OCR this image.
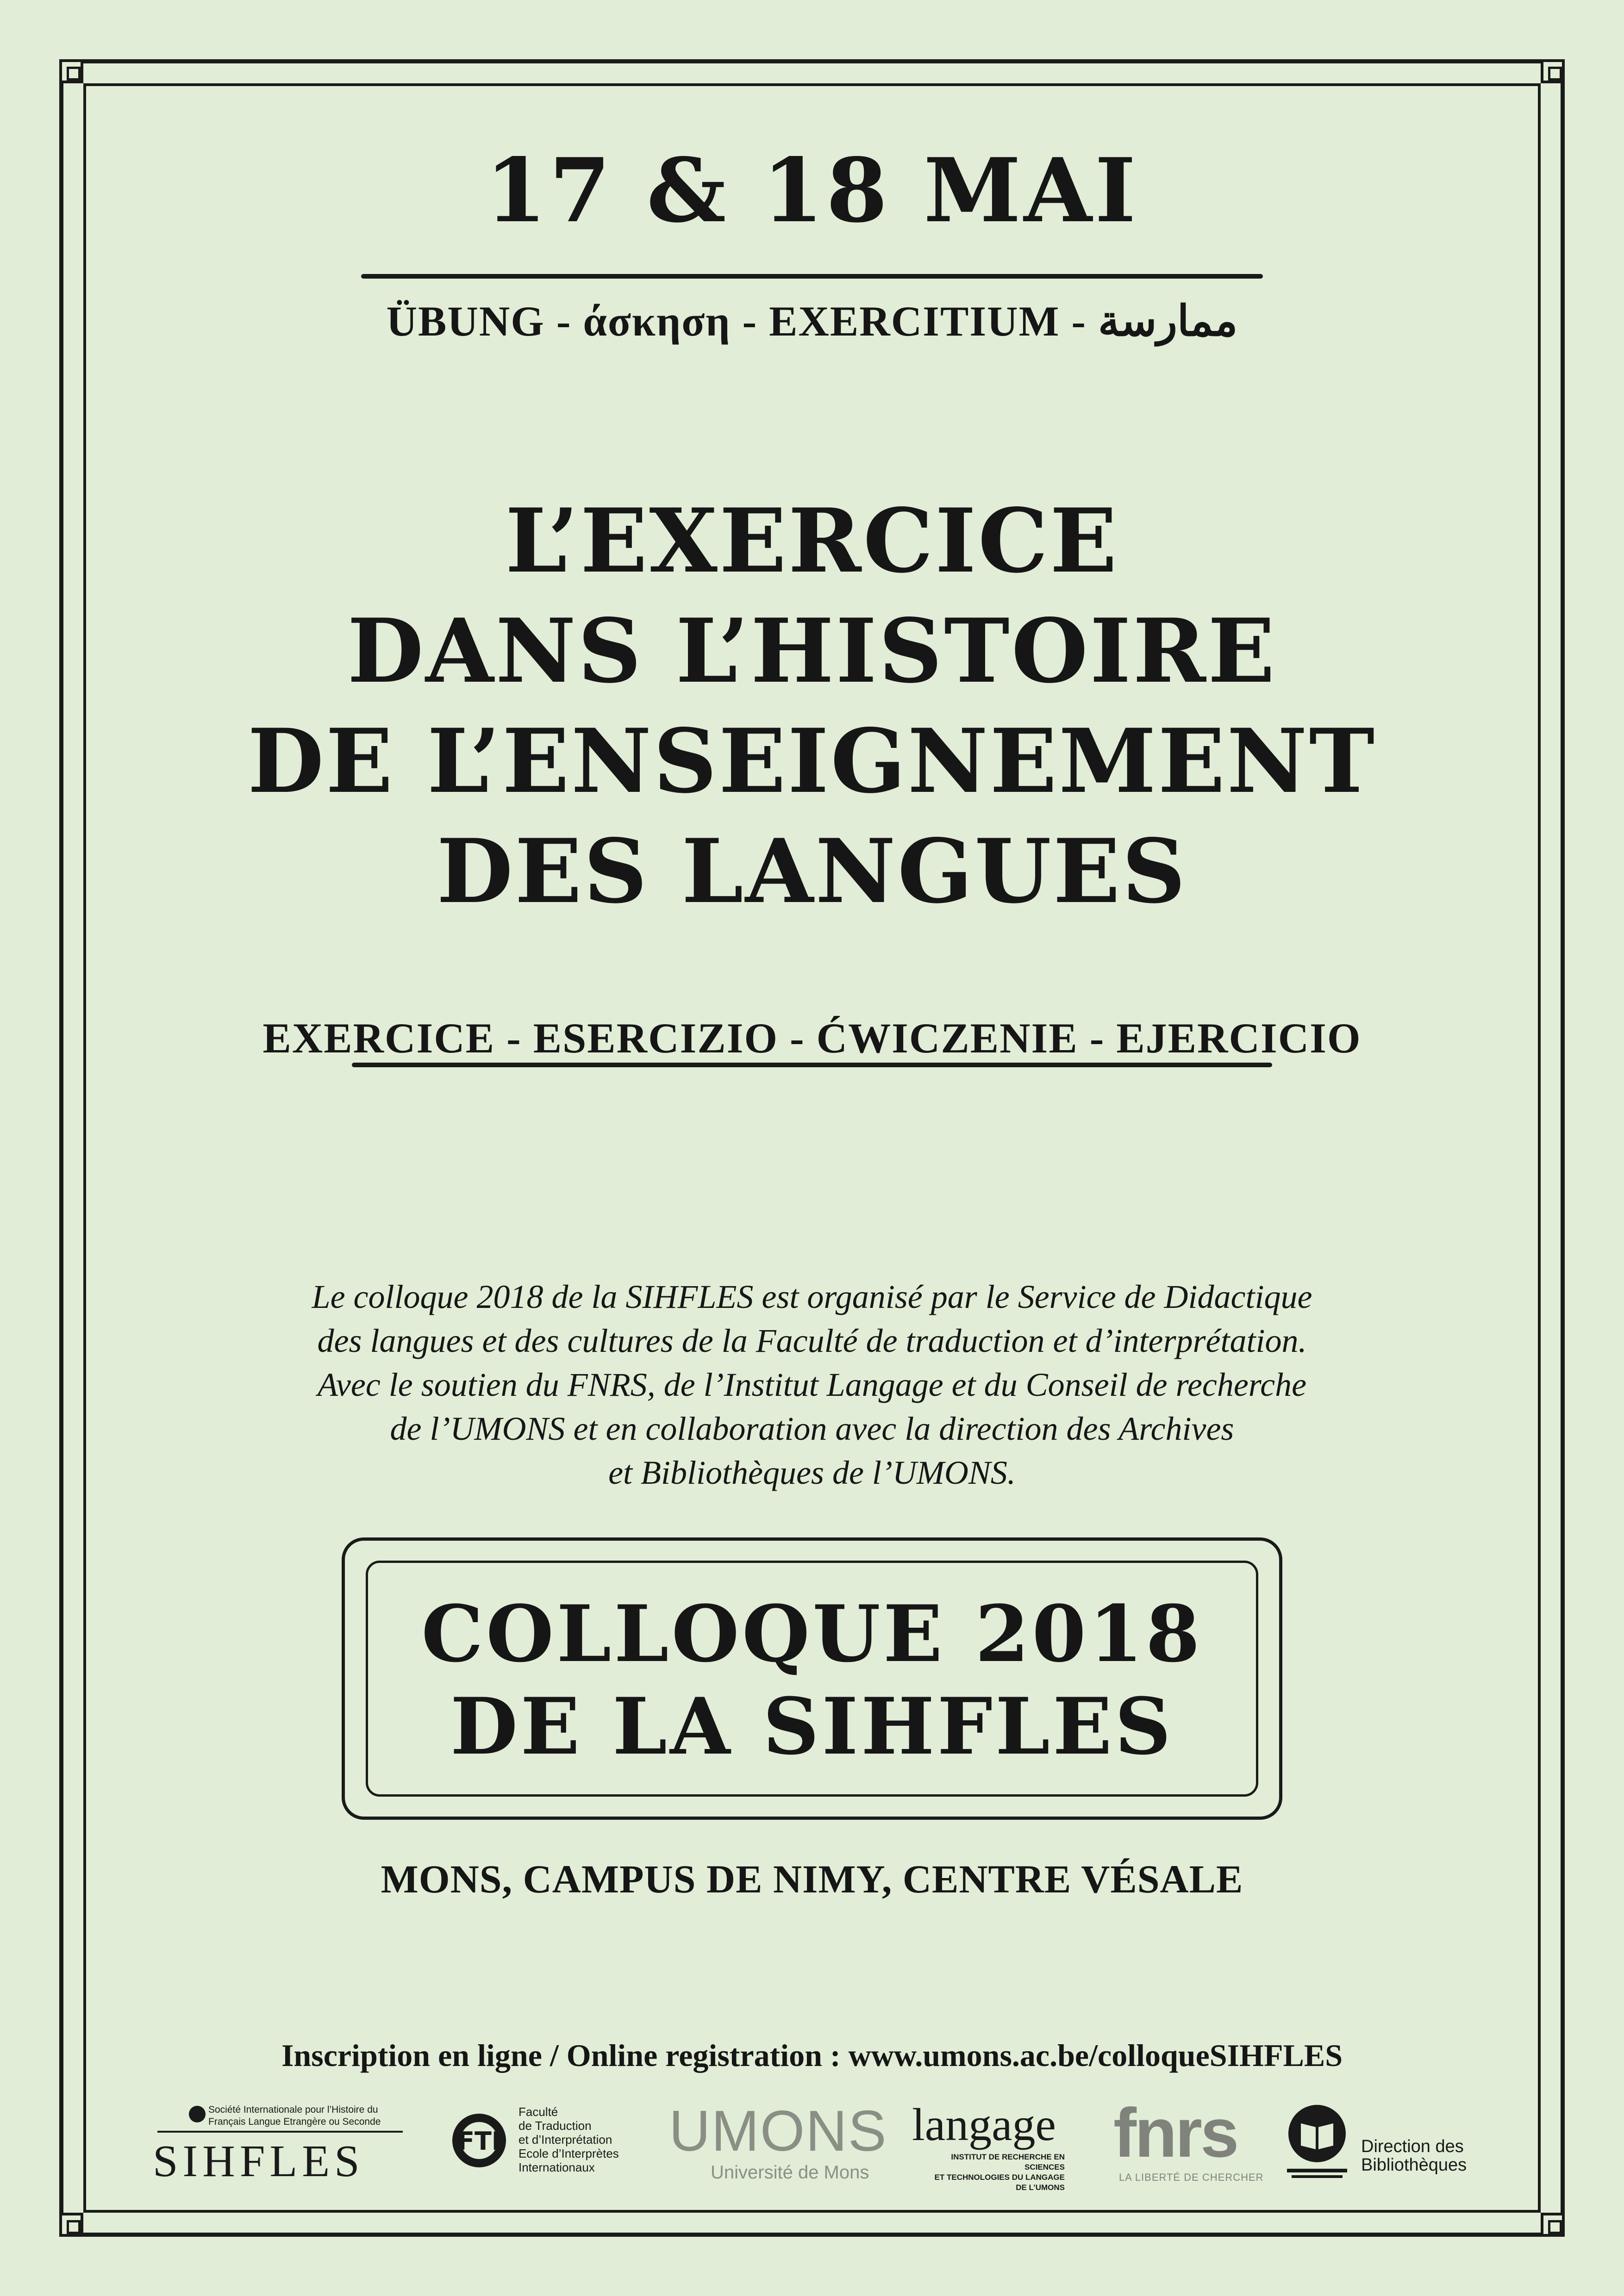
17 & 18 MAI
ÜBUNG - άσκηση - EXERCITIUM - ممارسة
L’EXERCICE
DANS L’HISTOIRE
DE L’ENSEIGNEMENT
DES LANGUES
EXERCICE - ESERCIZIO - ĆWICZENIE - EJERCICIO
Le colloque 2018 de la SIHFLES est organisé par le Service de Didactique
des langues et des cultures de la Faculté de traduction et d’interprétation.
Avec le soutien du FNRS, de l’Institut Langage et du Conseil de recherche
de l’UMONS et en collaboration avec la direction des Archives
et Bibliothèques de l’UMONS.
COLLOQUE 2018
DE LA SIHFLES
MONS, CAMPUS DE NIMY, CENTRE VÉSALE
Inscription en ligne / Online registration : www.umons.ac.be/colloqueSIHFLES
Société Internationale pour l’Histoire du
Français Langue Etrangère ou Seconde
SIHFLES	FTI
Faculté
de Traduction
et d’Interprétation
Ecole d’Interprètes
Internationaux
UMONS
Université de Mons
langage
INSTITUT DE RECHERCHE EN SCIENCES
ET TECHNOLOGIES DU LANGAGE
DE L’UMONS
fnrs
LA LIBERTÉ DE CHERCHER
Direction des
Bibliothèques
